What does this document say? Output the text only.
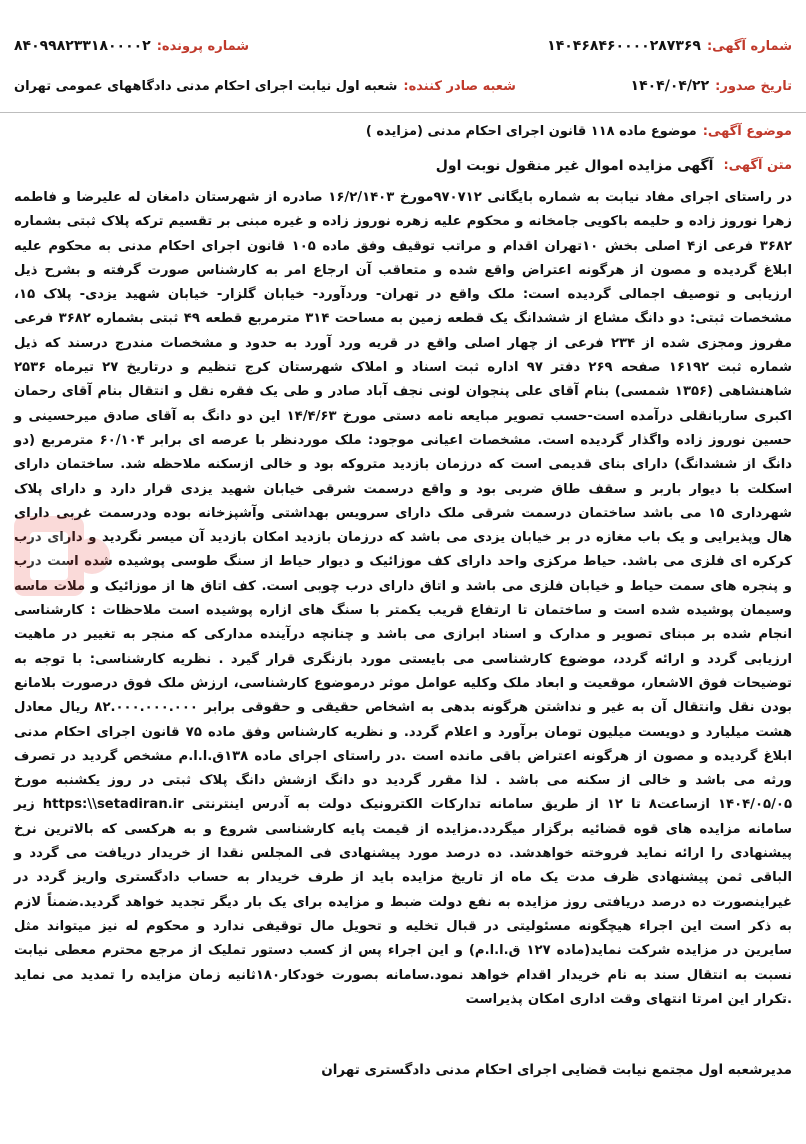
شماره آگهی:
۱۴۰۴۶۸۴۶۰۰۰۰۲۸۷۳۶۹
شماره پرونده:
۸۴۰۹۹۸۲۳۳۱۸۰۰۰۰۲
تاریخ صدور:
۱۴۰۴/۰۴/۲۲
شعبه صادر کننده:
شعبه اول نیابت اجرای احکام مدنی دادگاههای عمومی تهران
موضوع آگهی:
موضوع ماده ۱۱۸ قانون اجرای احکام مدنی (مزایده )
متن آگهی:
آگهی مزایده اموال غیر منقول نوبت اول
در راستای اجرای مفاد نیابت به شماره بایگانی ۹۷۰۷۱۲مورخ ۱۶/۲/۱۴۰۳ صادره از شهرستان دامغان له علیرضا و فاطمه زهرا نوروز زاده و حلیمه باکویی جامخانه و محکوم علیه زهره نوروز زاده و غیره مبنی بر تقسیم ترکه پلاک ثبتی بشماره ۳۶۸۲ فرعی از۴ اصلی بخش ۱۰تهران اقدام و مراتب توقیف وفق ماده ۱۰۵ قانون اجرای احکام مدنی به محکوم علیه ابلاغ گردیده و مصون از هرگونه اعتراض واقع شده و متعاقب آن ارجاع امر به کارشناس صورت گرفته و بشرح ذیل ارزیابی و توصیف اجمالی گردیده است: ملک واقع در تهران- وردآورد- خیابان گلزار- خیابان شهید یزدی- پلاک ۱۵، مشخصات ثبتی: دو دانگ مشاع از ششدانگ یک قطعه زمین به مساحت ۳۱۴ مترمربع قطعه ۴۹ ثبتی بشماره ۳۶۸۲ فرعی مفروز ومجزی شده از ۲۳۴ فرعی از چهار اصلی واقع در قریه ورد آورد به حدود و مشخصات مندرج درسند که ذیل شماره ثبت ۱۶۱۹۲ صفحه ۲۶۹ دفتر ۹۷ اداره ثبت اسناد و املاک شهرستان کرج تنظیم و درتاریخ ۲۷ تیرماه ۲۵۳۶ شاهنشاهی (۱۳۵۶ شمسی) بنام آقای علی پنجوان لونی نجف آباد صادر و طی یک فقره نقل و انتقال بنام آقای رحمان اکبری ساربانقلی درآمده است-حسب تصویر مبایعه نامه دستی مورخ ۱۴/۴/۶۳ این دو دانگ به آقای صادق میرحسینی و حسین نوروز زاده واگذار گردیده است. مشخصات اعیانی موجود: ملک موردنظر با عرصه ای برابر ۶۰/۱۰۴ مترمربع (دو دانگ از ششدانگ) دارای بنای قدیمی است که درزمان بازدید متروکه بود و خالی ازسکنه ملاحظه شد. ساختمان دارای اسکلت با دیوار باربر و سقف طاق ضربی بود و واقع درسمت شرقی خیابان شهید یزدی قرار دارد و دارای پلاک شهرداری ۱۵ می باشد ساختمان درسمت شرقی ملک دارای سرویس بهداشتی وآشپزخانه بوده ودرسمت غربی دارای هال وپذیرایی و یک باب مغازه در بر خیابان یزدی می باشد که درزمان بازدید امکان بازدید آن میسر نگردید و دارای درب کرکره ای فلزی می باشد. حیاط مرکزی واحد دارای کف موزائیک و دیوار حیاط از سنگ طوسی پوشیده شده است درب و پنجره های سمت حیاط و خیابان فلزی می باشد و اتاق دارای درب چوبی است. کف اتاق ها از موزائیک و ملات ماسه وسیمان پوشیده شده است و ساختمان تا ارتفاع قریب یکمتر با سنگ های ازاره پوشیده است ملاحظات : کارشناسی انجام شده بر مبنای تصویر و مدارک و اسناد ابرازی می باشد و چنانچه درآینده مدارکی که منجر به تغییر در ماهیت ارزیابی گردد و ارائه گردد، موضوع کارشناسی می بایستی مورد بازنگری قرار گیرد . نظریه کارشناسی: با توجه به توضیحات فوق الاشعار، موقعیت و ابعاد ملک وکلیه عوامل موثر درموضوع کارشناسی، ارزش ملک فوق درصورت بلامانع بودن نقل وانتقال آن به غیر و نداشتن هرگونه بدهی به اشخاص حقیقی و حقوقی برابر ۸۲.۰۰۰.۰۰۰.۰۰۰ ریال معادل هشت میلیارد و دویست میلیون تومان برآورد و اعلام گردد. و نظریه کارشناس وفق ماده ۷۵ قانون اجرای احکام مدنی ابلاغ گردیده و مصون از هرگونه اعتراض باقی مانده است .در راستای اجرای ماده ۱۳۸ق.ا.ا.م مشخص گردید در تصرف ورثه می باشد و خالی از سکنه می باشد . لذا مقرر گردید دو دانگ ازشش دانگ پلاک ثبتی در روز یکشنبه مورخ ۱۴۰۴/۰۵/۰۵ ازساعت۸ تا ۱۲ از طریق سامانه تدارکات الکترونیک دولت به آدرس اینترنتی https:\\setadiran.ir زیر سامانه مزایده های قوه قضائیه برگزار میگردد.مزایده از قیمت پایه کارشناسی شروع و به هرکسی که بالاترین نرخ پیشنهادی را ارائه نماید فروخته خواهدشد. ده درصد مورد پیشنهادی فی المجلس نقدا از خریدار دریافت می گردد و الباقی ثمن پیشنهادی ظرف مدت یک ماه از تاریخ مزایده باید از طرف خریدار به حساب دادگستری واریز گردد در غیراینصورت ده درصد دریافتی روز مزایده به نفع دولت ضبط و مزایده برای یک بار دیگر تجدید خواهد گردید.ضمناً لازم به ذکر است این اجراء هیچگونه مسئولیتی در قبال تخلیه و تحویل مال توقیفی ندارد و محکوم له نیز میتواند مثل سایرین در مزایده شرکت نماید(ماده ۱۲۷ ق.ا.ا.م) و این اجراء پس از کسب دستور تملیک از مرجع محترم معطی نیابت نسبت به انتقال سند به نام خریدار اقدام خواهد نمود.سامانه بصورت خودکار۱۸۰ثانیه زمان مزایده را تمدید می نماید .تکرار این امرتا انتهای وقت اداری امکان پذیراست
مدیرشعبه اول مجتمع نیابت قضایی اجرای احکام مدنی دادگستری تهران
